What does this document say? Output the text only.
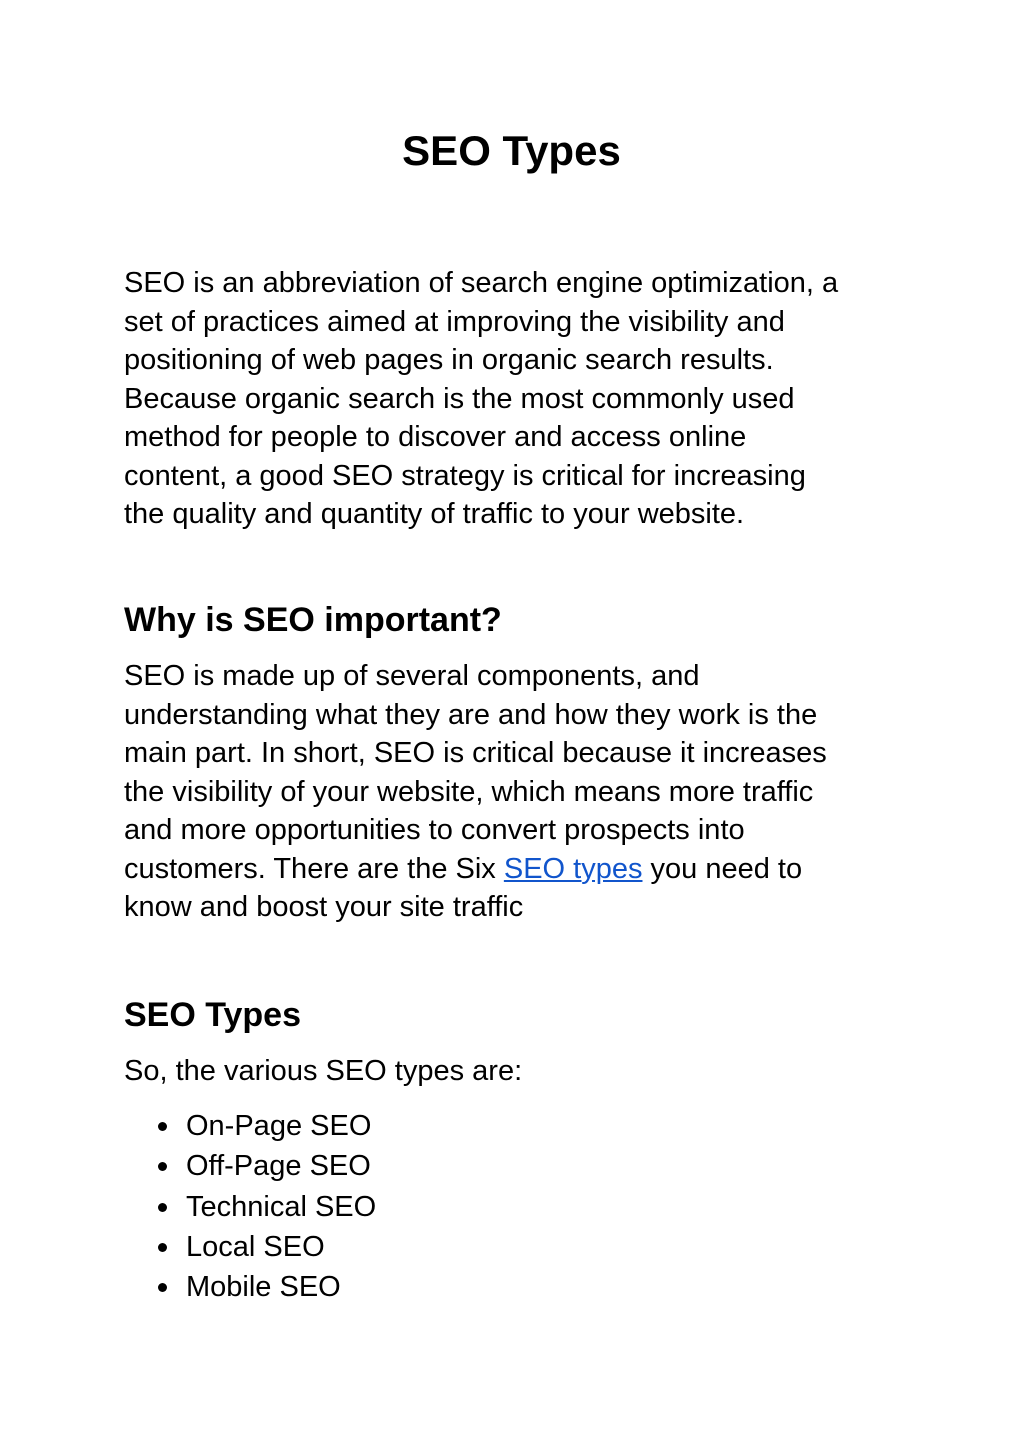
SEO Types

SEO is an abbreviation of search engine optimization, a
set of practices aimed at improving the visibility and
positioning of web pages in organic search results.
Because organic search is the most commonly used
method for people to discover and access online
content, a good SEO strategy is critical for increasing
the quality and quantity of traffic to your website.

Why is SEO important?

SEO is made up of several components, and
understanding what they are and how they work is the
main part. In short, SEO is critical because it increases
the visibility of your website, which means more traffic
and more opportunities to convert prospects into
customers. There are the Six SEO types you need to
know and boost your site traffic

SEO Types

So, the various SEO types are:

On-Page SEO
Off-Page SEO
Technical SEO
Local SEO
Mobile SEO
